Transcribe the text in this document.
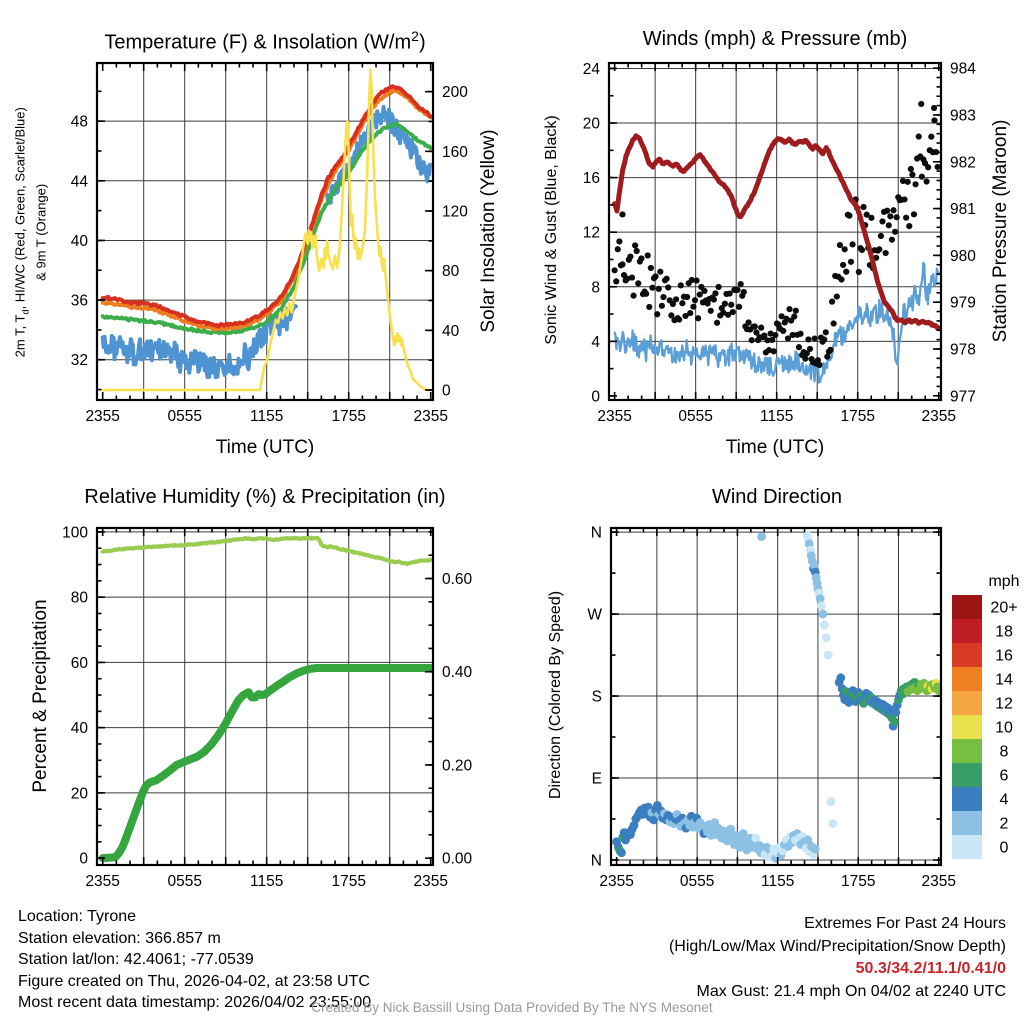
32
36
40
44
48
0
40
80
120
160
200
2355	0555	1155	1755	2355
0
4
8
12
16
20
24
977
978
979
980
981
982
983
984
2355	0555	1155	1755	2355
0
20
40
60
80
100
0.00
0.20
0.40
0.60
2355	0555	1155	1755	2355
N
E
S
W
N
2355	0555	1155	1755	2355
mph
20+
18
16
14
12
10
8
6
4
2
0
Temperature (F) & Insolation $(W/m^2)$	Winds (mph) & Pressure (mb)
Relative Humidity (%) & Precipitation (in)	Wind Direction
Time (UTC)	Time (UTC)
2m T, $T_d$, HI/WC (Red, Green, Scarlet/Blue) & 9m T (Orange)	Solar Insolation (Yellow)	Sonic Wind & Gust (Blue, Black)	Station Pressure (Maroon)
Percent & Precipitation	Direction (Colored By Speed)
Location: Tyrone
Station elevation: 366.857 m
Station lat/lon: 42.4061; -77.0539
Figure created on Thu, 2026-04-02, at 23:58 UTC
Most recent data timestamp: 2026/04/02 23:55:00
Extremes For Past 24 Hours
(High/Low/Max Wind/Precipitation/Snow Depth)
50.3/34.2/11.1/0.41/0
Max Gust: 21.4 mph On 04/02 at 2240 UTC
Created By Nick Bassill Using Data Provided By The NYS Mesonet
